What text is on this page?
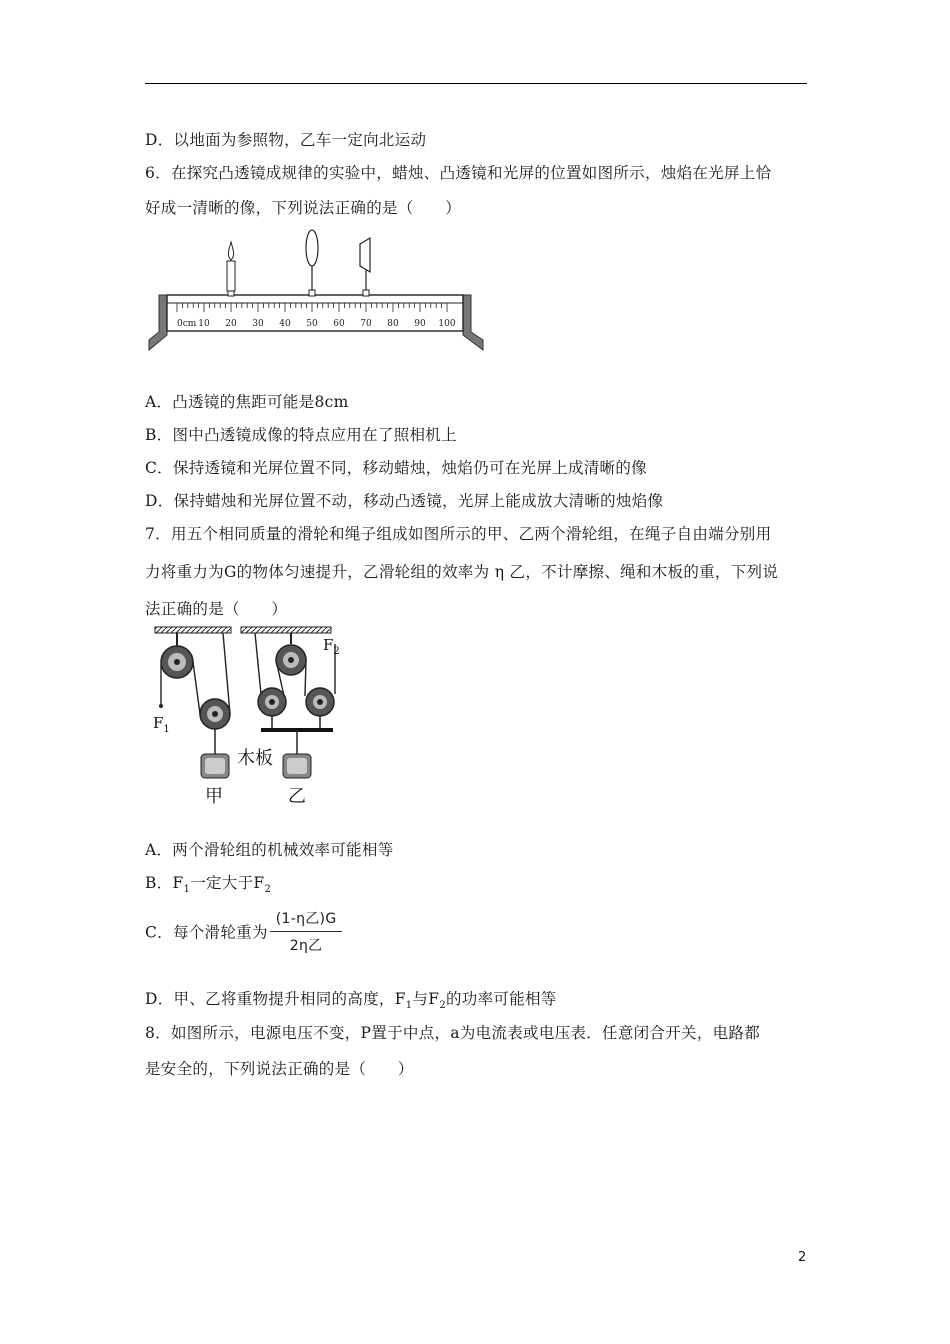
D．以地面为参照物，乙车一定向北运动
6．在探究凸透镜成规律的实验中，蜡烛、凸透镜和光屏的位置如图所示，烛焰在光屏上恰
好成一清晰的像，下列说法正确的是（　　）
0cm 10 20 30 40 50 60 70 80 90 100
A．凸透镜的焦距可能是8cm
B．图中凸透镜成像的特点应用在了照相机上
C．保持透镜和光屏位置不同，移动蜡烛，烛焰仍可在光屏上成清晰的像
D．保持蜡烛和光屏位置不动，移动凸透镜，光屏上能成放大清晰的烛焰像
7．用五个相同质量的滑轮和绳子组成如图所示的甲、乙两个滑轮组，在绳子自由端分别用
力将重力为G的物体匀速提升，乙滑轮组的效率为 η 乙，不计摩擦、绳和木板的重，下列说
法正确的是（　　）
$F_1$
$F_2$
木板
甲	乙
A．两个滑轮组的机械效率可能相等
B．$F_1$一定大于$F_2$
C．每个滑轮重为 $\frac{\text{(1-η乙)G}}{\text{2η乙}}$
D．甲、乙将重物提升相同的高度，$F_1$与$F_2$的功率可能相等
8．如图所示，电源电压不变，P置于中点，a为电流表或电压表．任意闭合开关，电路都
是安全的，下列说法正确的是（　　）
2
